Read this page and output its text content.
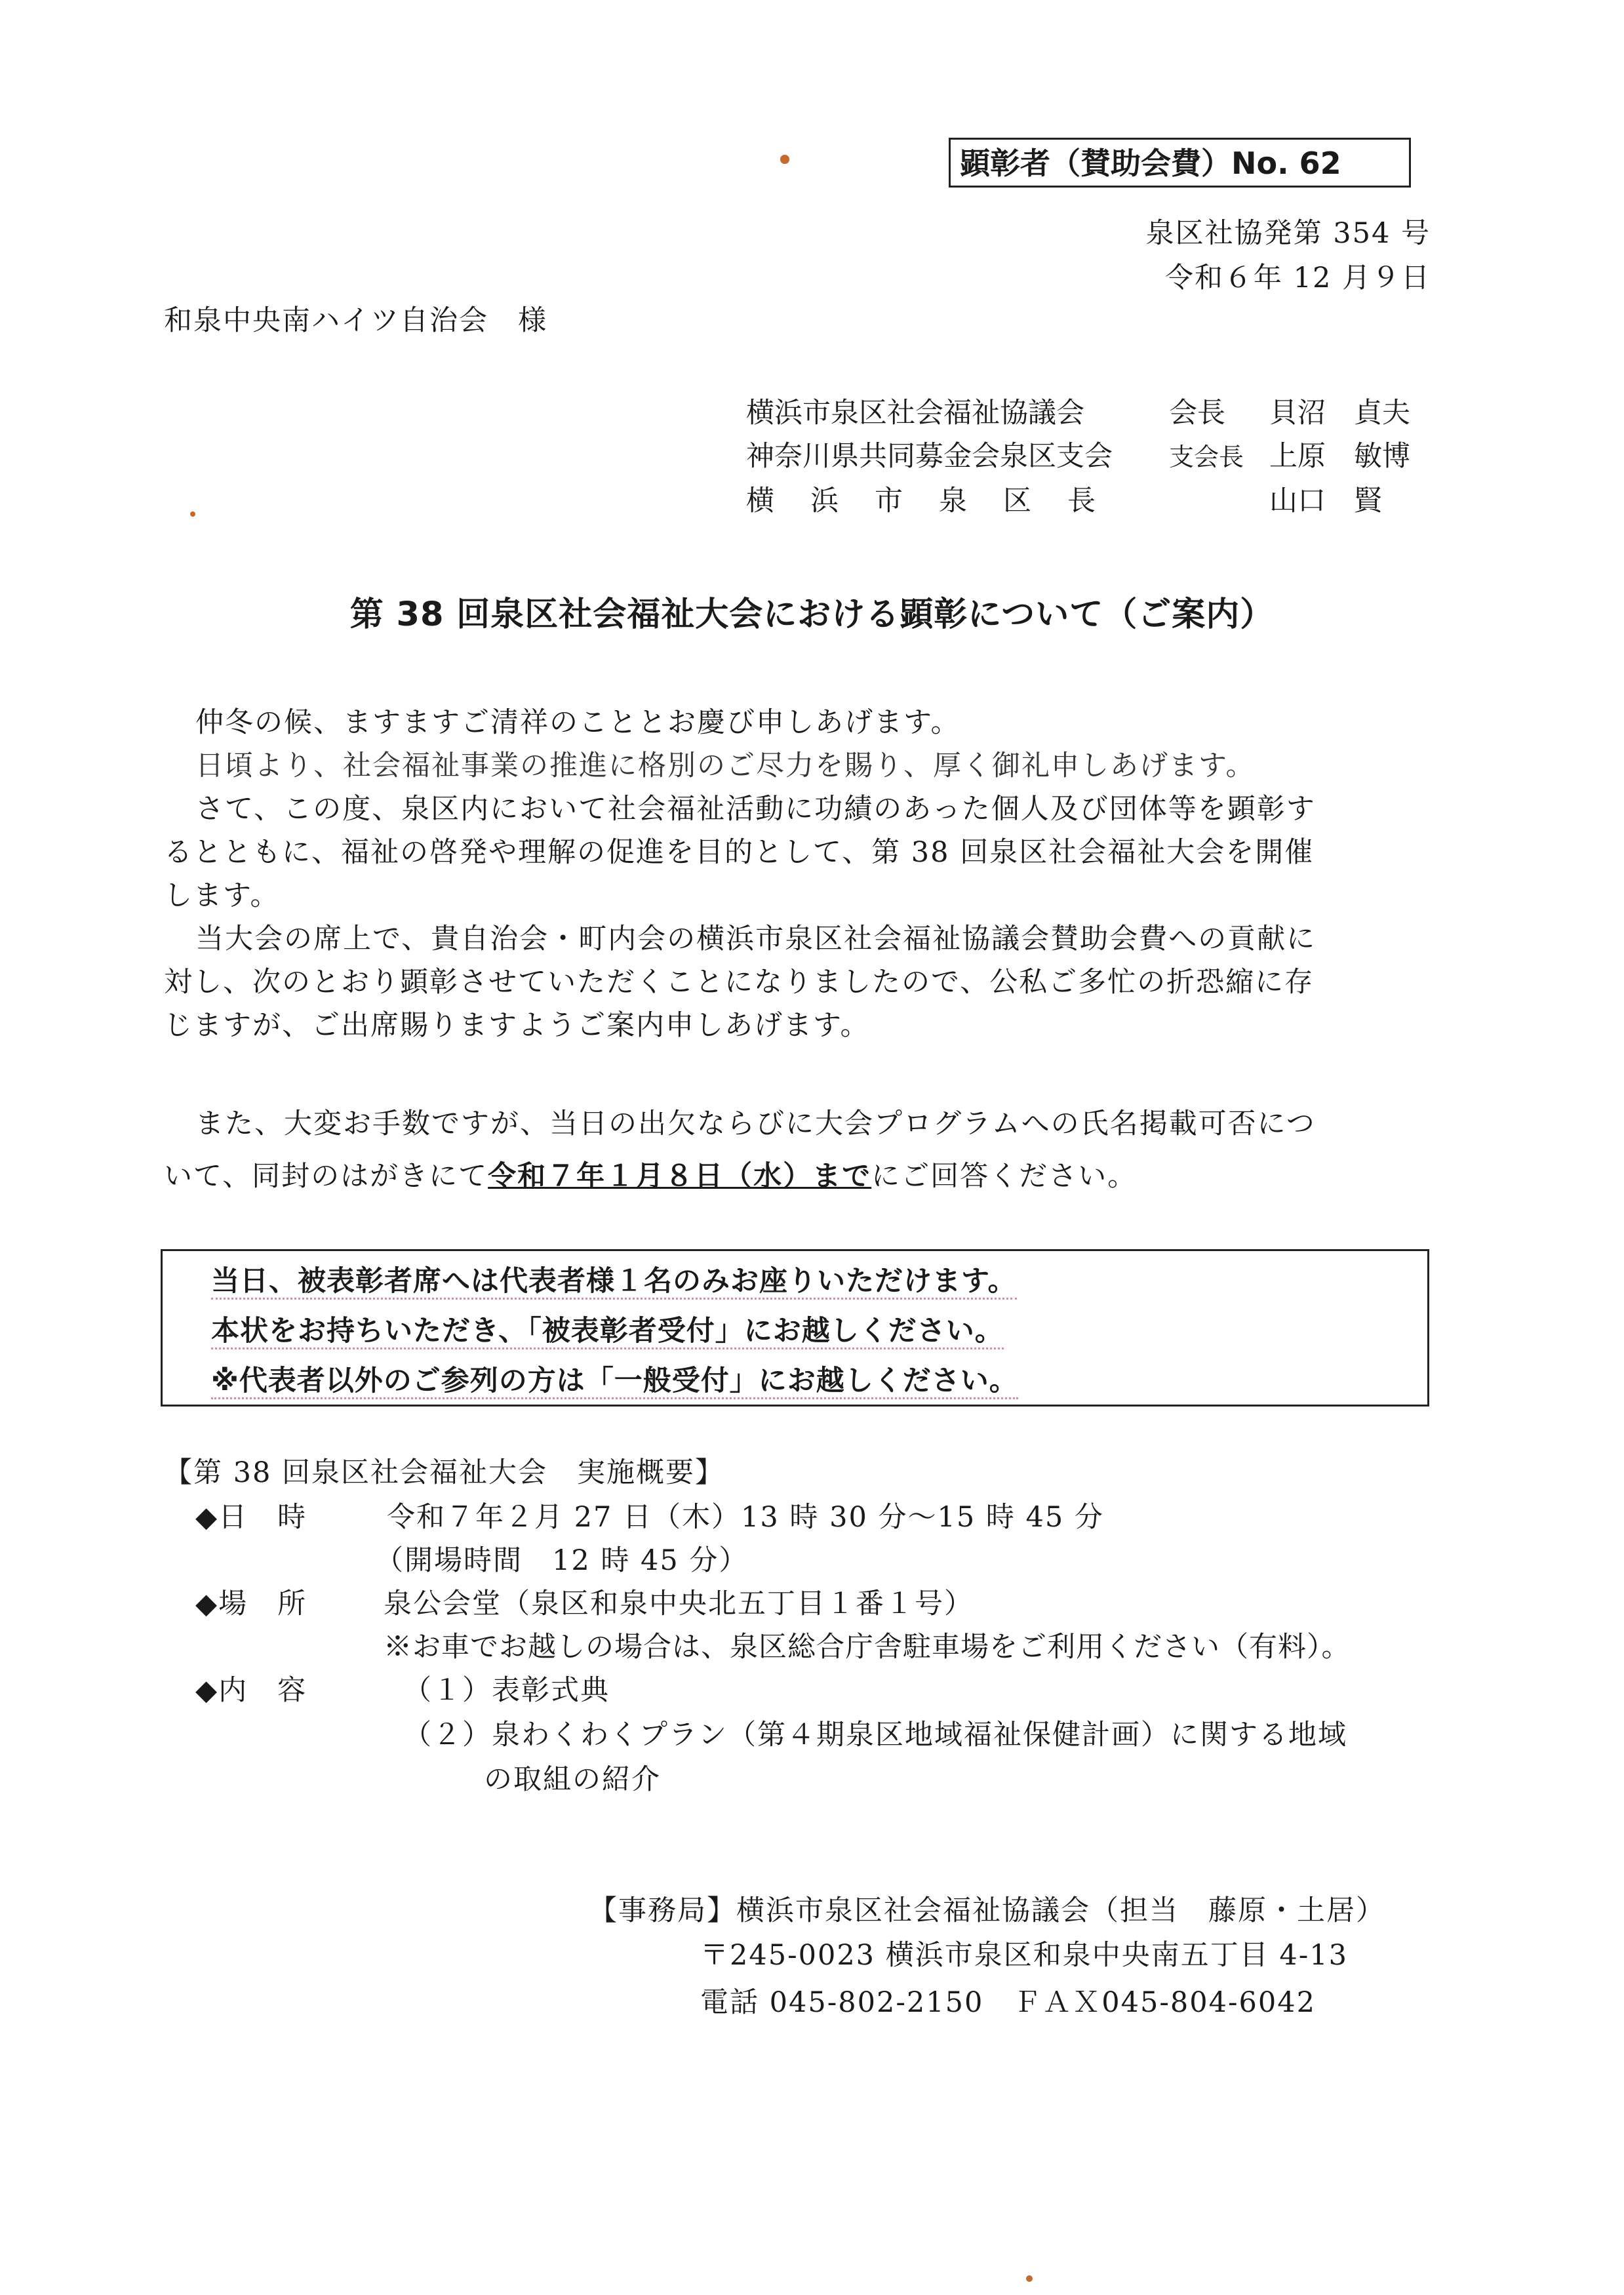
顕彰者（賛助会費）No. 62
泉区社協発第 354 号
令和６年 12 月９日
和泉中央南ハイツ自治会　様
横浜市泉区社会福祉協議会	会長 貝沼　貞夫
神奈川県共同募金会泉区支会 支会長 上原　敏博
横　浜　市　泉　区　長	山口　賢
第 38 回泉区社会福祉大会における顕彰について（ご案内）
仲冬の候、ますますご清祥のこととお慶び申しあげます。
日頃より、社会福祉事業の推進に格別のご尽力を賜り、厚く御礼申しあげます。
さて、この度、泉区内において社会福祉活動に功績のあった個人及び団体等を顕彰す
るとともに、福祉の啓発や理解の促進を目的として、第 38 回泉区社会福祉大会を開催
します。
当大会の席上で、貴自治会・町内会の横浜市泉区社会福祉協議会賛助会費への貢献に
対し、次のとおり顕彰させていただくことになりましたので、公私ご多忙の折恐縮に存
じますが、ご出席賜りますようご案内申しあげます。
また、大変お手数ですが、当日の出欠ならびに大会プログラムへの氏名掲載可否につ
いて、同封のはがきにて令和７年１月８日（水）までにご回答ください。
当日、被表彰者席へは代表者様１名のみお座りいただけます。
本状をお持ちいただき、「被表彰者受付」にお越しください。
※代表者以外のご参列の方は「一般受付」にお越しください。
【第 38 回泉区社会福祉大会　実施概要】
◆日　時	令和７年２月 27 日（木）13 時 30 分～15 時 45 分
（開場時間　12 時 45 分）
◆場　所	泉公会堂（泉区和泉中央北五丁目１番１号）
※お車でお越しの場合は、泉区総合庁舎駐車場をご利用ください（有料）。
◆内　容	（１）表彰式典
（２）泉わくわくプラン（第４期泉区地域福祉保健計画）に関する地域
の取組の紹介
【事務局】横浜市泉区社会福祉協議会（担当　藤原・土居）
〒245-0023 横浜市泉区和泉中央南五丁目 4-13
電話 045-802-2150　ＦＡＸ045-804-6042
